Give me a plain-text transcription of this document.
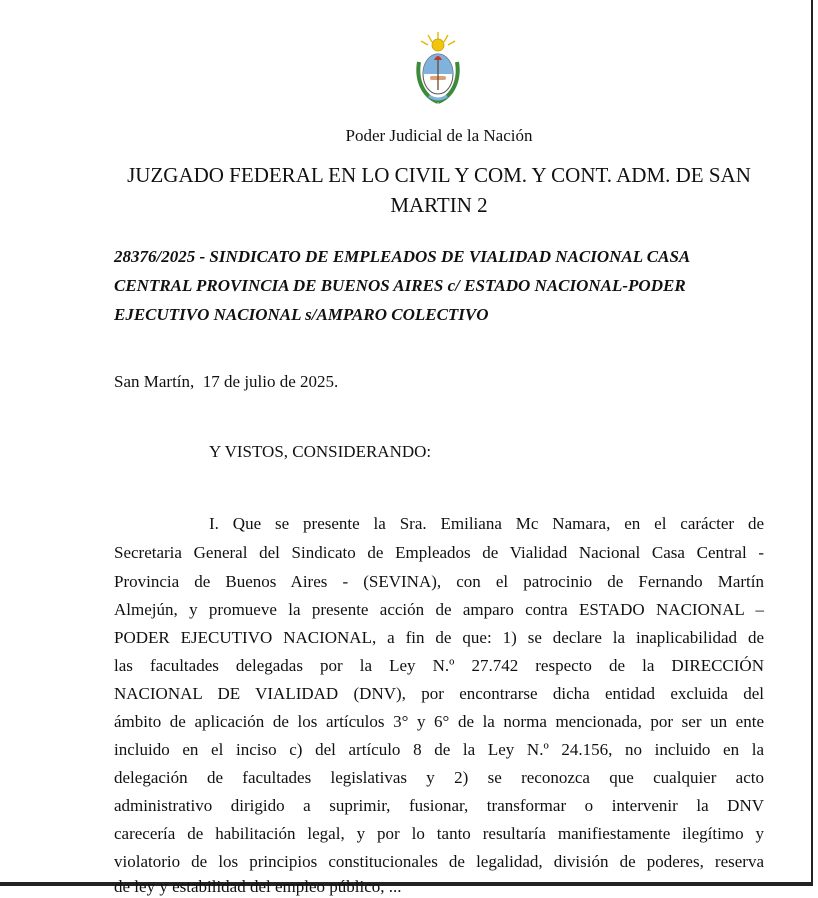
Poder Judicial de la Nación
JUZGADO FEDERAL EN LO CIVIL Y COM. Y CONT. ADM. DE SAN
MARTIN 2
28376/2025 - SINDICATO DE EMPLEADOS DE VIALIDAD NACIONAL CASA
CENTRAL PROVINCIA DE BUENOS AIRES c/ ESTADO NACIONAL-PODER
EJECUTIVO NACIONAL s/AMPARO COLECTIVO
San Martín,  17 de julio de 2025.
Y VISTOS, CONSIDERANDO:
I. Que se presente la Sra. Emiliana Mc Namara, en el carácter de
Secretaria General del Sindicato de Empleados de Vialidad Nacional Casa Central -
Provincia de Buenos Aires - (SEVINA), con el patrocinio de Fernando Martín
Almejún, y promueve la presente acción de amparo contra ESTADO NACIONAL –
PODER EJECUTIVO NACIONAL, a fin de que: 1) se declare la inaplicabilidad de
las facultades delegadas por la Ley N.º 27.742 respecto de la DIRECCIÓN
NACIONAL DE VIALIDAD (DNV), por encontrarse dicha entidad excluida del
ámbito de aplicación de los artículos 3° y 6° de la norma mencionada, por ser un ente
incluido en el inciso c) del artículo 8 de la Ley N.º 24.156, no incluido en la
delegación de facultades legislativas y 2) se reconozca que cualquier acto
administrativo dirigido a suprimir, fusionar, transformar o intervenir la DNV
carecería de habilitación legal, y por lo tanto resultaría manifiestamente ilegítimo y
violatorio de los principios constitucionales de legalidad, división de poderes, reserva
de ley y estabilidad del empleo público, ...
